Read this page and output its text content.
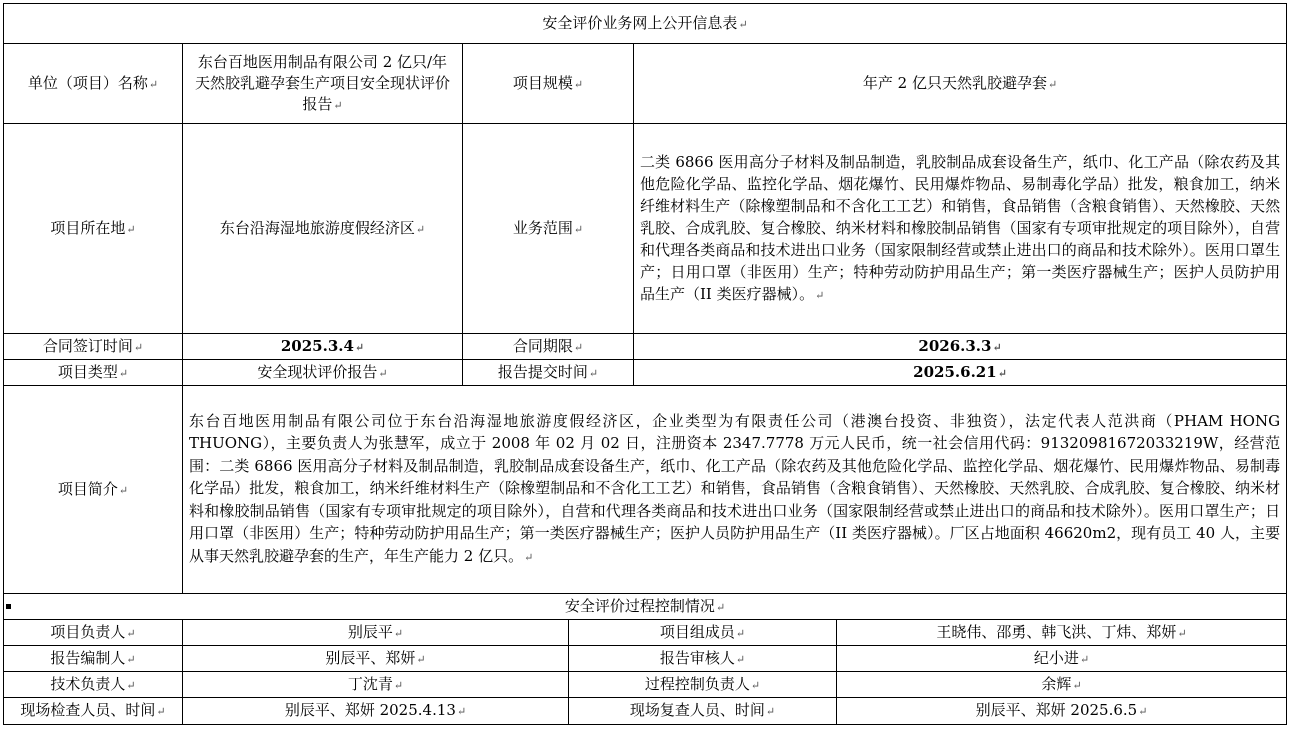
安全评价业务网上公开信息表↵					
单位（项目）名称↵	东台百地医用制品有限公司 2 亿只/年天然胶乳避孕套生产项目安全现状评价报告↵	项目规模↵		年产 2 亿只天然乳胶避孕套↵	
项目所在地↵	东台沿海湿地旅游度假经济区↵	业务范围↵		二类 6866 医用高分子材料及制品制造，乳胶制品成套设备生产，纸巾、化工产品（除农药及其他危险化学品、监控化学品、烟花爆竹、民用爆炸物品、易制毒化学品）批发，粮食加工，纳米纤维材料生产（除橡塑制品和不含化工工艺）和销售，食品销售（含粮食销售）、天然橡胶、天然乳胶、合成乳胶、复合橡胶、纳米材料和橡胶制品销售（国家有专项审批规定的项目除外），自营和代理各类商品和技术进出口业务（国家限制经营或禁止进出口的商品和技术除外）。医用口罩生产；日用口罩（非医用）生产；特种劳动防护用品生产；第一类医疗器械生产；医护人员防护用品生产（II 类医疗器械）。↵	
合同签订时间↵	2025.3.4↵	合同期限↵		2026.3.3↵	
项目类型↵	安全现状评价报告↵	报告提交时间↵		2025.6.21↵	
项目简介↵	东台百地医用制品有限公司位于东台沿海湿地旅游度假经济区，企业类型为有限责任公司（港澳台投资、非独资），法定代表人范洪商（PHAM HONG THUONG），主要负责人为张慧军，成立于 2008 年 02 月 02 日，注册资本 2347.7778 万元人民币，统一社会信用代码：91320981672033219W，经营范围：二类 6866 医用高分子材料及制品制造，乳胶制品成套设备生产，纸巾、化工产品（除农药及其他危险化学品、监控化学品、烟花爆竹、民用爆炸物品、易制毒化学品）批发，粮食加工，纳米纤维材料生产（除橡塑制品和不含化工工艺）和销售，食品销售（含粮食销售）、天然橡胶、天然乳胶、合成乳胶、复合橡胶、纳米材料和橡胶制品销售（国家有专项审批规定的项目除外），自营和代理各类商品和技术进出口业务（国家限制经营或禁止进出口的商品和技术除外）。医用口罩生产；日用口罩（非医用）生产；特种劳动防护用品生产；第一类医疗器械生产；医护人员防护用品生产（II 类医疗器械）。厂区占地面积 46620m2，现有员工 40 人，主要从事天然乳胶避孕套的生产，年生产能力 2 亿只。↵				
安全评价过程控制情况↵					
项目负责人↵	别辰平↵		项目组成员↵		王晓伟、邵勇、韩飞洪、丁炜、郑妍↵
报告编制人↵	别辰平、郑妍↵		报告审核人↵		纪小进↵
技术负责人↵	丁沈青↵		过程控制负责人↵		余辉↵
现场检查人员、时间↵	别辰平、郑妍 2025.4.13↵		现场复查人员、时间↵		别辰平、郑妍 2025.6.5↵
